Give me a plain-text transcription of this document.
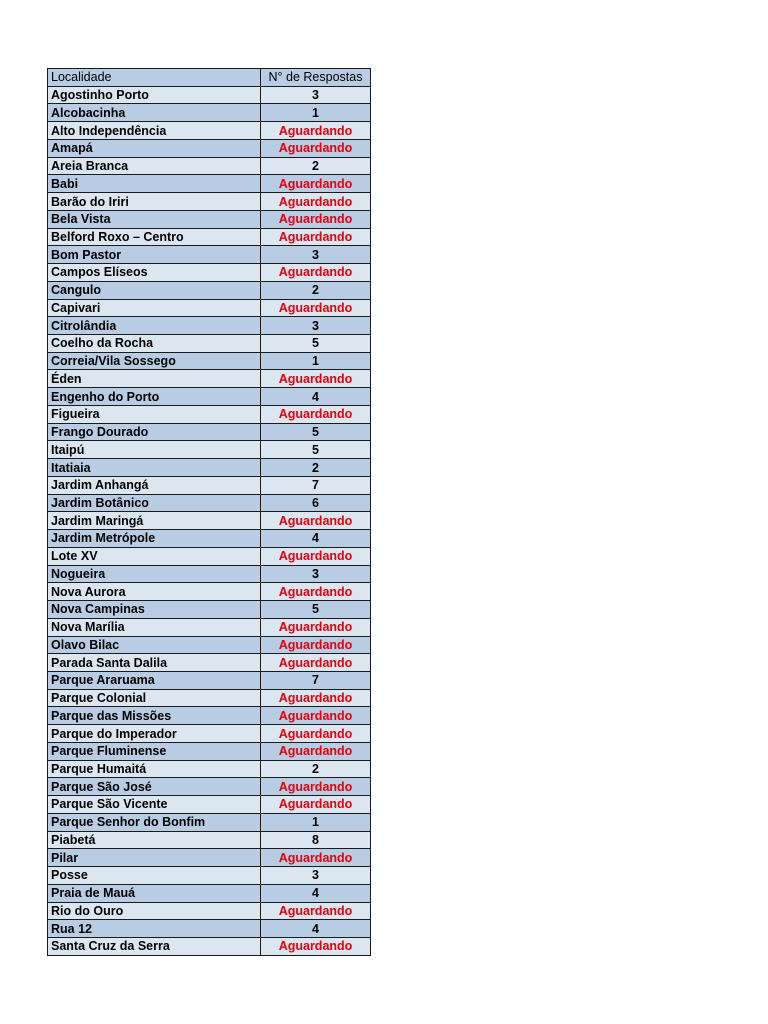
Localidade	N° de Respostas
Agostinho Porto	3
Alcobacinha	1
Alto Independência	Aguardando
Amapá	Aguardando
Areia Branca	2
Babi	Aguardando
Barão do Iriri	Aguardando
Bela Vista	Aguardando
Belford Roxo – Centro	Aguardando
Bom Pastor	3
Campos Elíseos	Aguardando
Cangulo	2
Capivari	Aguardando
Citrolândia	3
Coelho da Rocha	5
Correia/Vila Sossego	1
Éden	Aguardando
Engenho do Porto	4
Figueira	Aguardando
Frango Dourado	5
Itaipú	5
Itatiaia	2
Jardim Anhangá	7
Jardim Botânico	6
Jardim Maringá	Aguardando
Jardim Metrópole	4
Lote XV	Aguardando
Nogueira	3
Nova Aurora	Aguardando
Nova Campinas	5
Nova Marília	Aguardando
Olavo Bilac	Aguardando
Parada Santa Dalila	Aguardando
Parque Araruama	7
Parque Colonial	Aguardando
Parque das Missões	Aguardando
Parque do Imperador	Aguardando
Parque Fluminense	Aguardando
Parque Humaitá	2
Parque São José	Aguardando
Parque São Vicente	Aguardando
Parque Senhor do Bonfim	1
Piabetá	8
Pilar	Aguardando
Posse	3
Praia de Mauá	4
Rio do Ouro	Aguardando
Rua 12	4
Santa Cruz da Serra	Aguardando
